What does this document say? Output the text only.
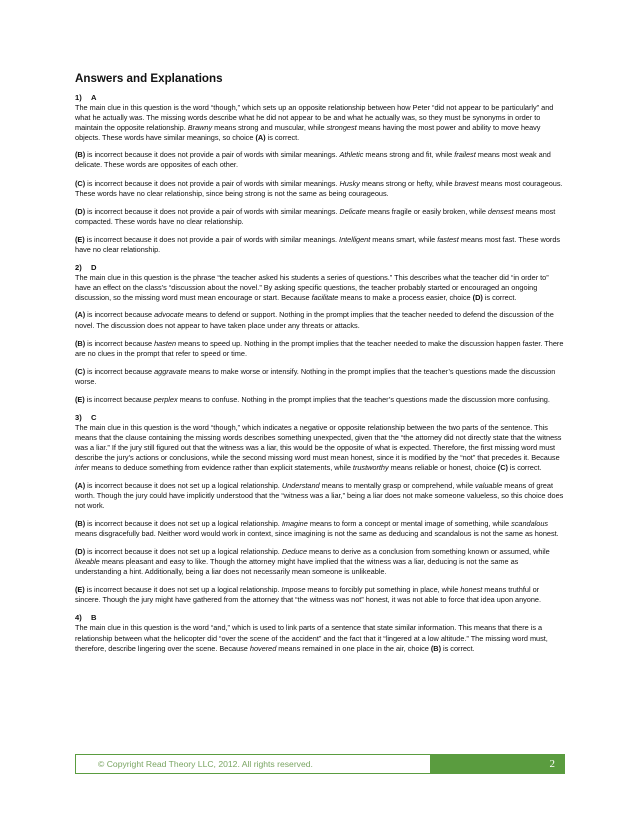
Answers and Explanations
1) A

The main clue in this question is the word “though,” which sets up an opposite relationship between how Peter “did not appear to be particularly” and what he actually was. The missing words describe what he did not appear to be and what he actually was, so they must be synonyms in order to maintain the opposite relationship. Brawny means strong and muscular, while strongest means having the most power and ability to move heavy objects. These words have similar meanings, so choice (A) is correct.

(B) is incorrect because it does not provide a pair of words with similar meanings. Athletic means strong and fit, while frailest means most weak and delicate. These words are opposites of each other.

(C) is incorrect because it does not provide a pair of words with similar meanings. Husky means strong or hefty, while bravest means most courageous. These words have no clear relationship, since being strong is not the same as being courageous.

(D) is incorrect because it does not provide a pair of words with similar meanings. Delicate means fragile or easily broken, while densest means most compacted. These words have no clear relationship.

(E) is incorrect because it does not provide a pair of words with similar meanings. Intelligent means smart, while fastest means most fast. These words have no clear relationship.

2) D

The main clue in this question is the phrase “the teacher asked his students a series of questions.” This describes what the teacher did “in order to” have an effect on the class’s “discussion about the novel.” By asking specific questions, the teacher probably started or encouraged an ongoing discussion, so the missing word must mean encourage or start. Because facilitate means to make a process easier, choice (D) is correct.

(A) is incorrect because advocate means to defend or support. Nothing in the prompt implies that the teacher needed to defend the discussion of the novel. The discussion does not appear to have taken place under any threats or attacks.

(B) is incorrect because hasten means to speed up. Nothing in the prompt implies that the teacher needed to make the discussion happen faster. There are no clues in the prompt that refer to speed or time.

(C) is incorrect because aggravate means to make worse or intensify. Nothing in the prompt implies that the teacher’s questions made the discussion worse.

(E) is incorrect because perplex means to confuse. Nothing in the prompt implies that the teacher’s questions made the discussion more confusing.

3) C

The main clue in this question is the word “though,” which indicates a negative or opposite relationship between the two parts of the sentence. This means that the clause containing the missing words describes something unexpected, given that the “the attorney did not directly state that the witness was a liar.” If the jury still figured out that the witness was a liar, this would be the opposite of what is expected. Therefore, the first missing word must describe the jury’s actions or conclusions, while the second missing word must mean honest, since it is modified by the “not” that precedes it. Because infer means to deduce something from evidence rather than explicit statements, while trustworthy means reliable or honest, choice (C) is correct.

(A) is incorrect because it does not set up a logical relationship. Understand means to mentally grasp or comprehend, while valuable means of great worth. Though the jury could have implicitly understood that the “witness was a liar,” being a liar does not make someone valueless, so this choice does not work.

(B) is incorrect because it does not set up a logical relationship. Imagine means to form a concept or mental image of something, while scandalous means disgracefully bad. Neither word would work in context, since imagining is not the same as deducing and scandalous is not the same as honest.

(D) is incorrect because it does not set up a logical relationship. Deduce means to derive as a conclusion from something known or assumed, while likeable means pleasant and easy to like. Though the attorney might have implied that the witness was a liar, deducing is not the same as understanding a hint. Additionally, being a liar does not necessarily mean someone is unlikeable.

(E) is incorrect because it does not set up a logical relationship. Impose means to forcibly put something in place, while honest means truthful or sincere. Though the jury might have gathered from the attorney that “the witness was not” honest, it was not able to force that idea upon anyone.

4) B

The main clue in this question is the word “and,” which is used to link parts of a sentence that state similar information. This means that there is a relationship between what the helicopter did “over the scene of the accident” and the fact that it “lingered at a low altitude.” The missing word must, therefore, describe lingering over the scene. Because hovered means remained in one place in the air, choice (B) is correct.

© Copyright Read Theory LLC, 2012. All rights reserved.	2
